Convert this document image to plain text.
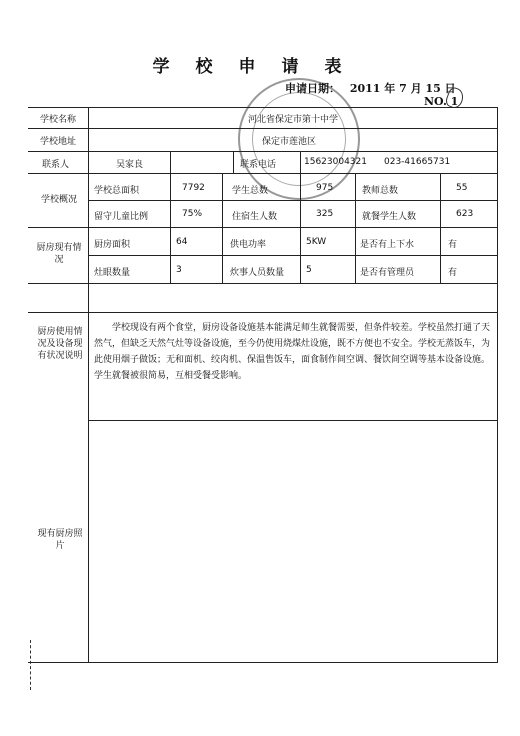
学校申请表
申请日期： 2011 年 7 月 15 日
NO. 1
学校名称	河北省保定市第十中学
学校地址	保定市莲池区
联系人	吴家良	联系电话	15623004321 023-41665731
学校概况
学校总面积	7792	学生总数	975	教师总数	55
留守儿童比例	75%	住宿生人数	325	就餐学生人数	623
厨房现有情况
厨房面积	64	供电功率	5KW	是否有上下水	有
灶眼数量	3	炊事人员数量 5	是否有管理员	有
厨房使用情况及设备现有状况说明
学校现设有两个食堂，厨房设备设施基本能满足师生就餐需要，但条件较差。学校虽然打通了天然气，但缺乏天然气灶等设备设施，至今仍使用烧煤灶设施，既不方便也不安全。学校无蒸饭车，为此使用烟子做饭；无和面机、绞肉机、保温售饭车，面食制作间空调、餐饮间空调等基本设备设施。学生就餐被很简易，互相受餐受影响。
现有厨房照片
